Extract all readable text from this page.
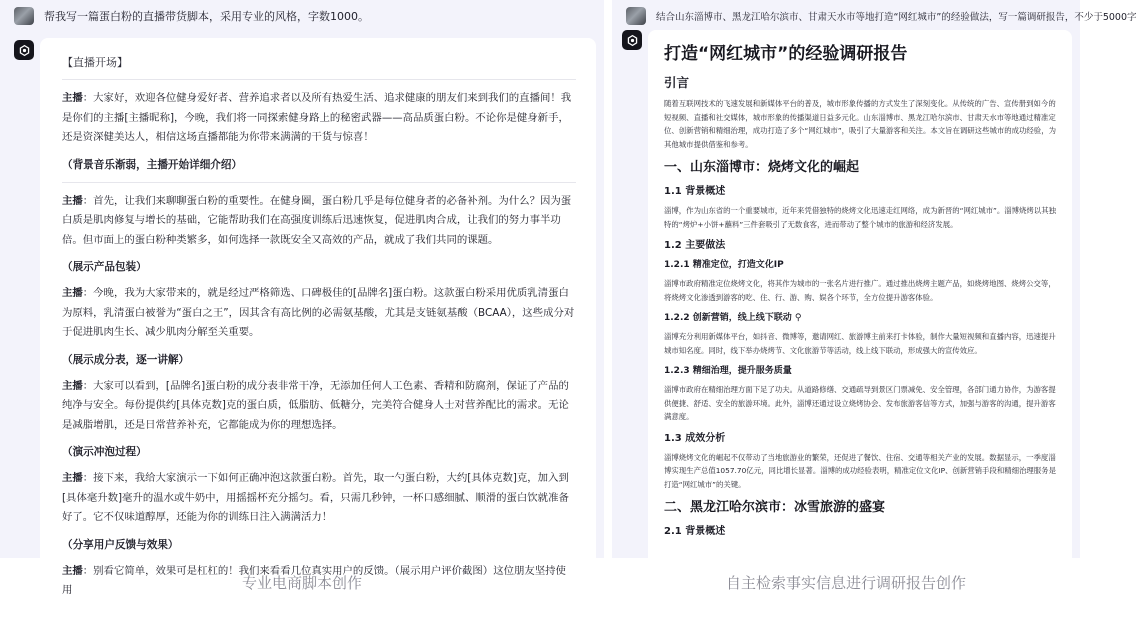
帮我写一篇蛋白粉的直播带货脚本，采用专业的风格，字数1000。
【直播开场】
主播：大家好，欢迎各位健身爱好者、营养追求者以及所有热爱生活、追求健康的朋友们来到我们的直播间！我是你们的主播[主播昵称]，今晚，我们将一同探索健身路上的秘密武器——高品质蛋白粉。不论你是健身新手，还是资深健美达人，相信这场直播都能为你带来满满的干货与惊喜！
（背景音乐渐弱，主播开始详细介绍）
主播：首先，让我们来聊聊蛋白粉的重要性。在健身圈，蛋白粉几乎是每位健身者的必备补剂。为什么？因为蛋白质是肌肉修复与增长的基础，它能帮助我们在高强度训练后迅速恢复，促进肌肉合成，让我们的努力事半功倍。但市面上的蛋白粉种类繁多，如何选择一款既安全又高效的产品，就成了我们共同的课题。
（展示产品包装）
主播：今晚，我为大家带来的，就是经过严格筛选、口碑极佳的[品牌名]蛋白粉。这款蛋白粉采用优质乳清蛋白为原料，乳清蛋白被誉为“蛋白之王”，因其含有高比例的必需氨基酸，尤其是支链氨基酸（BCAA），这些成分对于促进肌肉生长、减少肌肉分解至关重要。
（展示成分表，逐一讲解）
主播：大家可以看到，[品牌名]蛋白粉的成分表非常干净，无添加任何人工色素、香精和防腐剂，保证了产品的纯净与安全。每份提供约[具体克数]克的蛋白质，低脂肪、低糖分，完美符合健身人士对营养配比的需求。无论是减脂增肌，还是日常营养补充，它都能成为你的理想选择。
（演示冲泡过程）
主播：接下来，我给大家演示一下如何正确冲泡这款蛋白粉。首先，取一勺蛋白粉，大约[具体克数]克，加入到[具体毫升数]毫升的温水或牛奶中，用摇摇杯充分摇匀。看，只需几秒钟，一杯口感细腻、顺滑的蛋白饮就准备好了。它不仅味道醇厚，还能为你的训练日注入满满活力！
（分享用户反馈与效果）
主播：别看它简单，效果可是杠杠的！我们来看看几位真实用户的反馈。（展示用户评价截图）这位朋友坚持使用
结合山东淄博市、黑龙江哈尔滨市、甘肃天水市等地打造“网红城市”的经验做法，写一篇调研报告，不少于5000字
打造“网红城市”的经验调研报告
引言
随着互联网技术的飞速发展和新媒体平台的普及，城市形象传播的方式发生了深刻变化。从传统的广告、宣传册到如今的短视频、直播和社交媒体，城市形象的传播渠道日益多元化。山东淄博市、黑龙江哈尔滨市、甘肃天水市等地通过精准定位、创新营销和精细治理，成功打造了多个“网红城市”，吸引了大量游客和关注。本文旨在调研这些城市的成功经验，为其他城市提供借鉴和参考。
一、山东淄博市：烧烤文化的崛起
1.1 背景概述
淄博，作为山东省的一个重要城市，近年来凭借独特的烧烤文化迅速走红网络，成为新晋的“网红城市”。淄博烧烤以其独特的“烤炉+小饼+蘸料”三件套吸引了无数食客，进而带动了整个城市的旅游和经济发展。
1.2 主要做法
1.2.1 精准定位，打造文化IP
淄博市政府精准定位烧烤文化，将其作为城市的一张名片进行推广。通过推出烧烤主题产品，如烧烤地图、烧烤公交等，将烧烤文化渗透到游客的吃、住、行、游、购、娱各个环节，全方位提升游客体验。
1.2.2 创新营销，线上线下联动 ⚲
淄博充分利用新媒体平台，如抖音、微博等，邀请网红、旅游博主前来打卡体验，制作大量短视频和直播内容，迅速提升城市知名度。同时，线下举办烧烤节、文化旅游节等活动，线上线下联动，形成强大的宣传效应。
1.2.3 精细治理，提升服务质量
淄博市政府在精细治理方面下足了功夫。从道路修缮、交通疏导到景区门票减免、安全管理，各部门通力协作，为游客提供便捷、舒适、安全的旅游环境。此外，淄博还通过设立烧烤协会、发布旅游客信等方式，加强与游客的沟通，提升游客满意度。
1.3 成效分析
淄博烧烤文化的崛起不仅带动了当地旅游业的繁荣，还促进了餐饮、住宿、交通等相关产业的发展。数据显示，一季度淄博实现生产总值1057.70亿元，同比增长显著。淄博的成功经验表明，精准定位文化IP、创新营销手段和精细治理服务是打造“网红城市”的关键。
二、黑龙江哈尔滨市：冰雪旅游的盛宴
2.1 背景概述
专业电商脚本创作	自主检索事实信息进行调研报告创作
